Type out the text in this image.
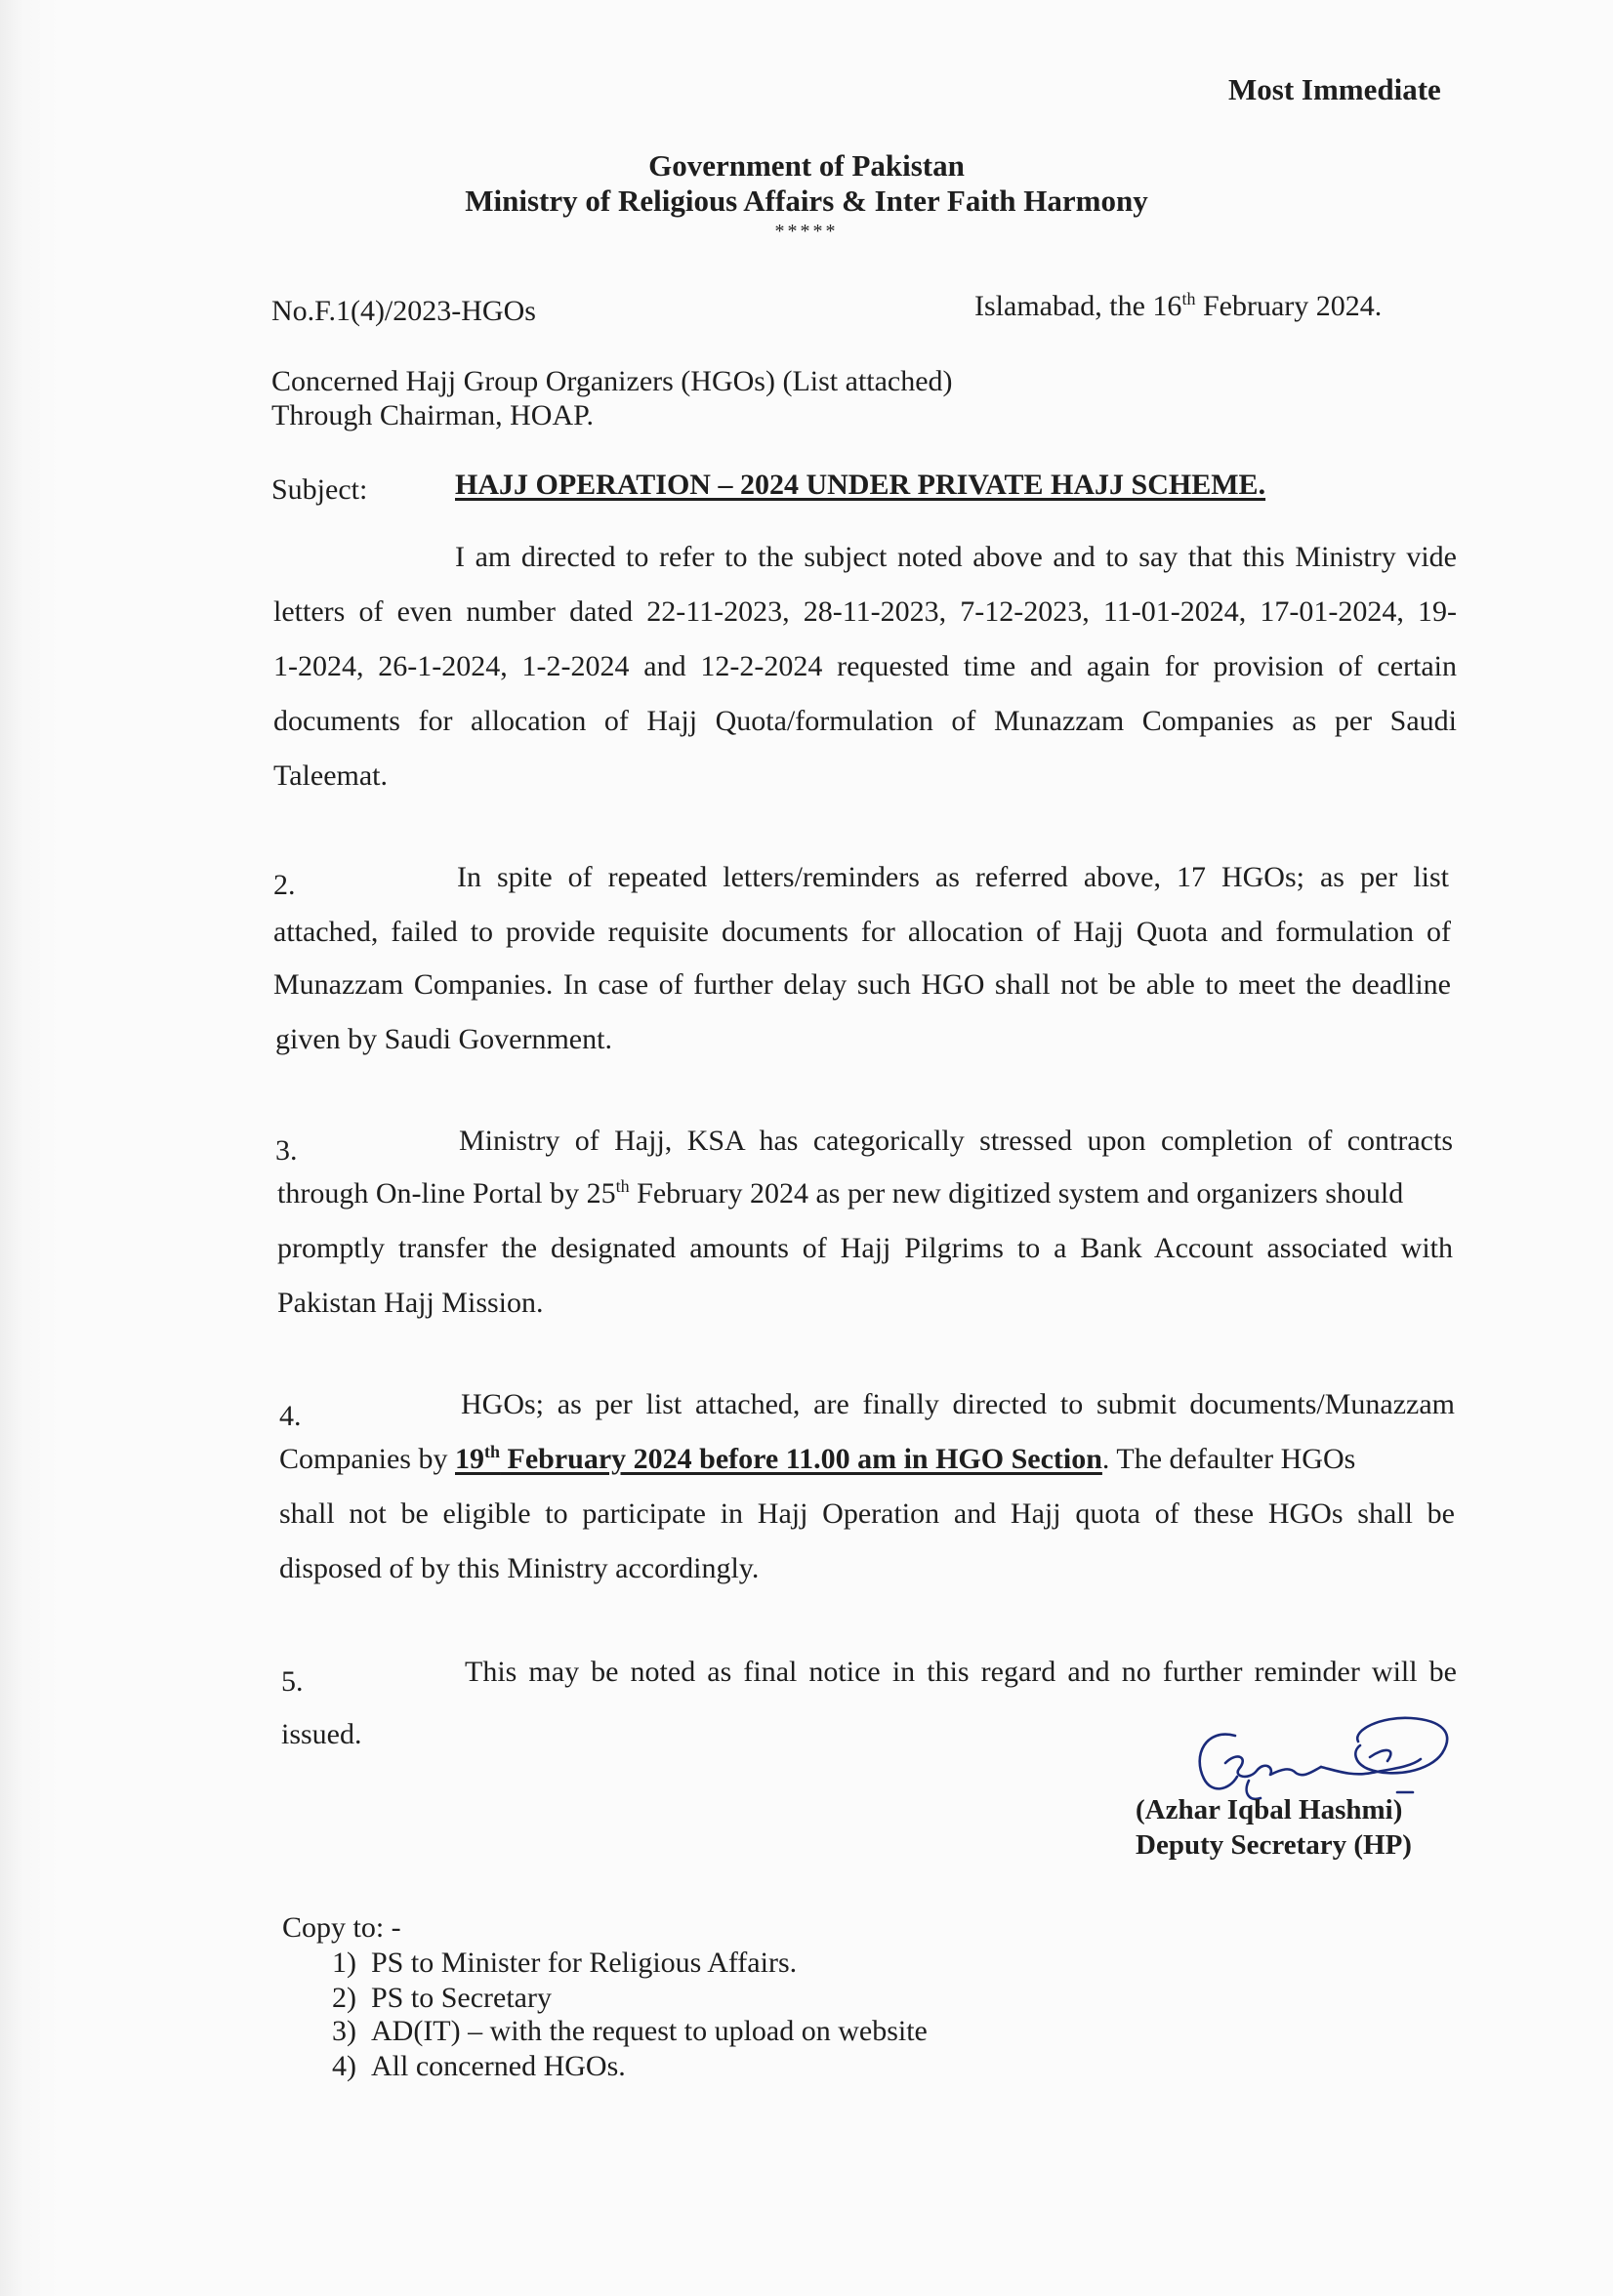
Most Immediate
Government of Pakistan
Ministry of Religious Affairs & Inter Faith Harmony
*****
No.F.1(4)/2023-HGOs	Islamabad, the 16th February 2024.
Concerned Hajj Group Organizers (HGOs) (List attached)
Through Chairman, HOAP.
Subject:	HAJJ OPERATION – 2024 UNDER PRIVATE HAJJ SCHEME.
I am directed to refer to the subject noted above and to say that this Ministry vide
letters of even number dated 22-11-2023, 28-11-2023, 7-12-2023, 11-01-2024, 17-01-2024, 19-
1-2024, 26-1-2024, 1-2-2024 and 12-2-2024 requested time and again for provision of certain
documents for allocation of Hajj Quota/formulation of Munazzam Companies as per Saudi
Taleemat.
2.	In spite of repeated letters/reminders as referred above, 17 HGOs; as per list
attached, failed to provide requisite documents for allocation of Hajj Quota and formulation of
Munazzam Companies. In case of further delay such HGO shall not be able to meet the deadline
given by Saudi Government.
3.	Ministry of Hajj, KSA has categorically stressed upon completion of contracts
through On-line Portal by 25th February 2024 as per new digitized system and organizers should
promptly transfer the designated amounts of Hajj Pilgrims to a Bank Account associated with
Pakistan Hajj Mission.
4.	HGOs; as per list attached, are finally directed to submit documents/Munazzam
Companies by 19th February 2024 before 11.00 am in HGO Section. The defaulter HGOs
shall not be eligible to participate in Hajj Operation and Hajj quota of these HGOs shall be
disposed of by this Ministry accordingly.
5.	This may be noted as final notice in this regard and no further reminder will be
issued.
(Azhar Iqbal Hashmi)
Deputy Secretary (HP)
Copy to: -
1) PS to Minister for Religious Affairs.
2) PS to Secretary
3) AD(IT) – with the request to upload on website
4) All concerned HGOs.
